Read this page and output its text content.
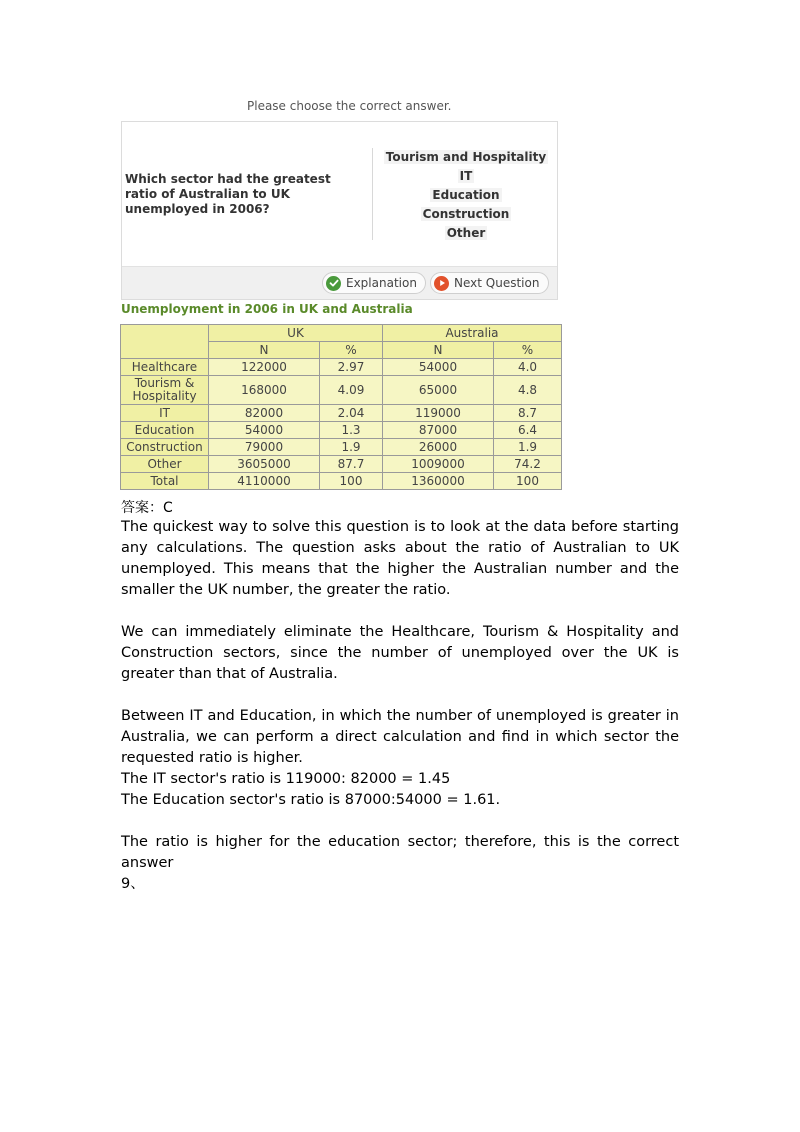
Please choose the correct answer.
Which sector had the greatest ratio of Australian to UK unemployed in 2006?
Tourism and Hospitality
IT
Education
Construction
Other
Explanation	Next Question
Unemployment in 2006 in UK and Australia
	UK		Australia	
	N	%	N	%
Healthcare	122000	2.97	54000	4.0
Tourism & Hospitality	168000	4.09	65000	4.8
IT	82000	2.04	119000	8.7
Education	54000	1.3	87000	6.4
Construction	79000	1.9	26000	1.9
Other	3605000	87.7	1009000	74.2
Total	4110000	100	1360000	100
答案：C

The quickest way to solve this question is to look at the data before starting any calculations. The question asks about the ratio of Australian to UK unemployed. This means that the higher the Australian number and the smaller the UK number, the greater the ratio.

We can immediately eliminate the Healthcare, Tourism & Hospitality and Construction sectors, since the number of unemployed over the UK is greater than that of Australia.

Between IT and Education, in which the number of unemployed is greater in Australia, we can perform a direct calculation and find in which sector the requested ratio is higher.

The IT sector's ratio is 119000: 82000 = 1.45

The Education sector's ratio is 87000:54000 = 1.61.

The ratio is higher for the education sector; therefore, this is the correct answer

9、
